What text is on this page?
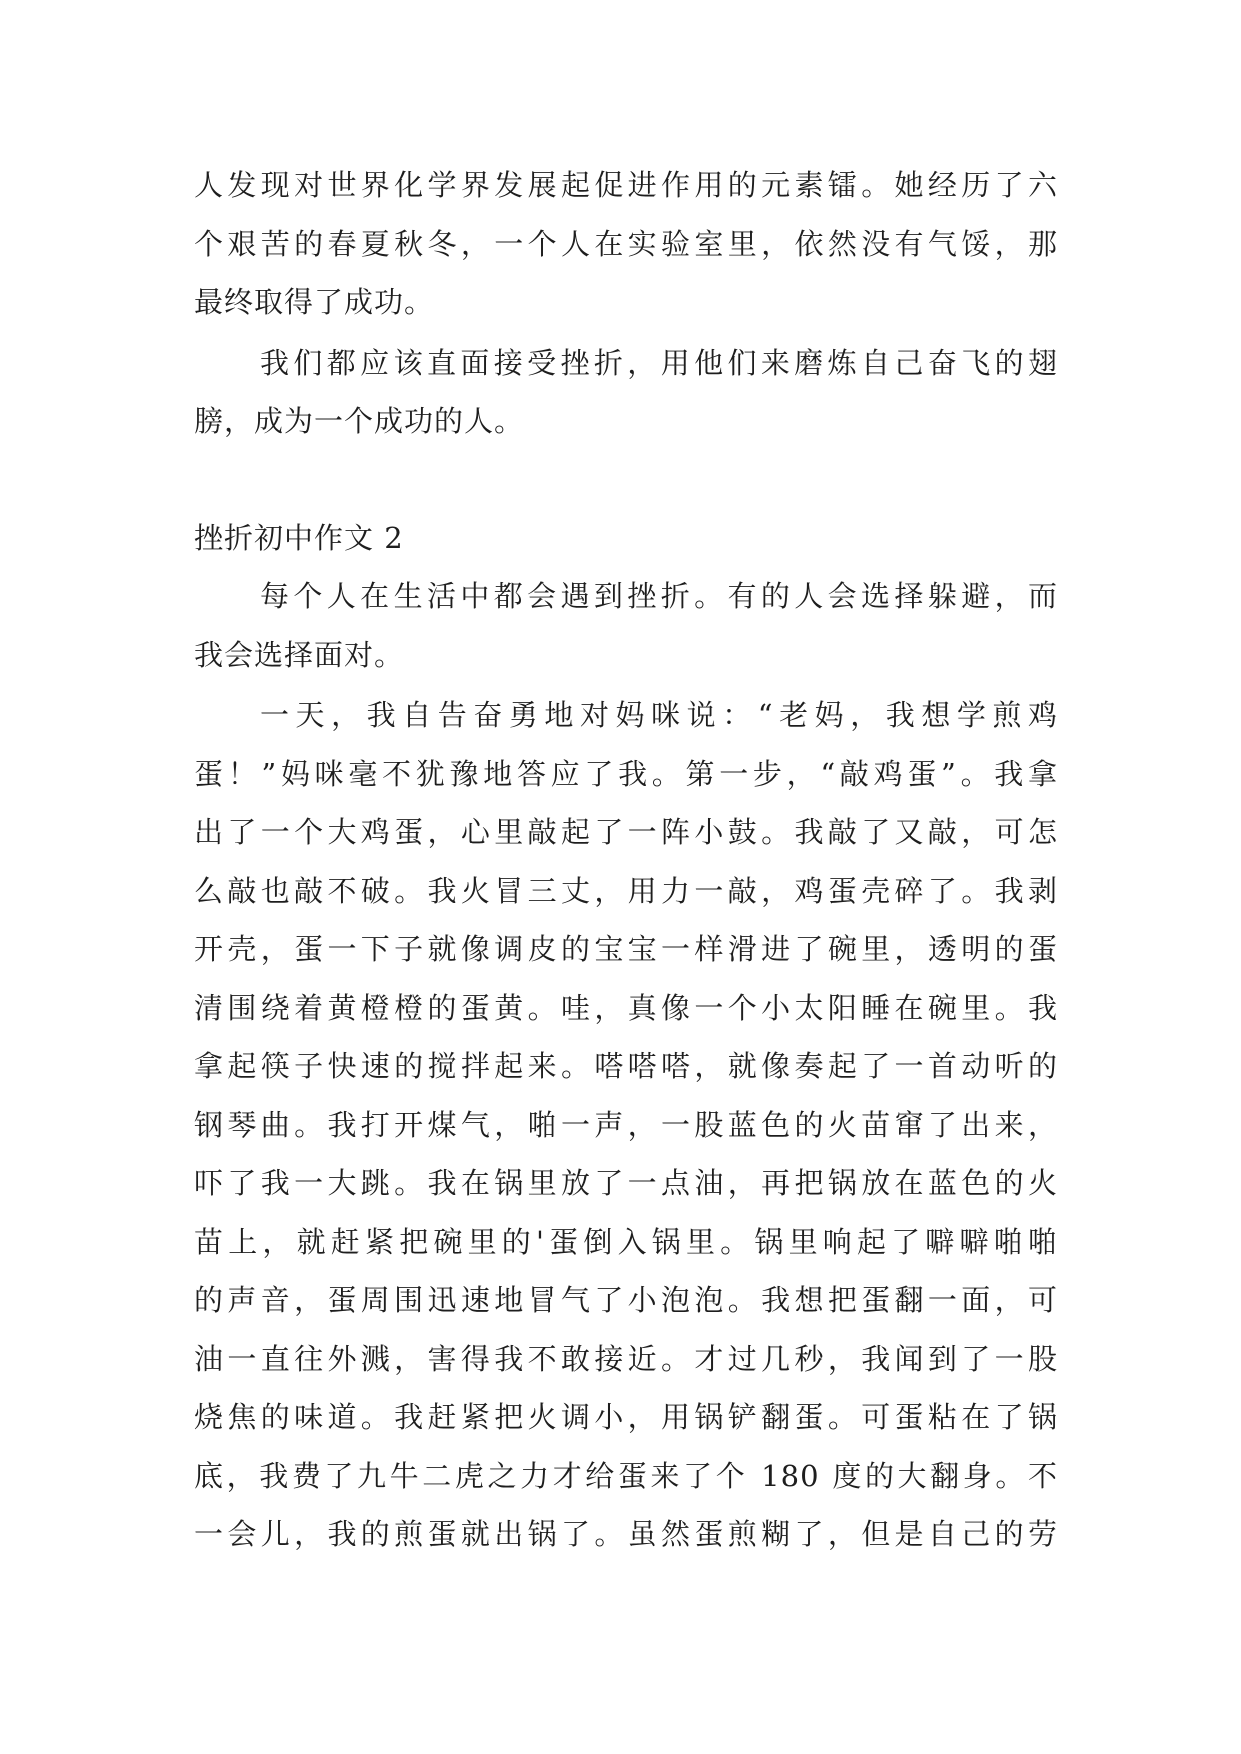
人发现对世界化学界发展起促进作用的元素镭。她经历了六
个艰苦的春夏秋冬，一个人在实验室里，依然没有气馁，那
最终取得了成功。
我们都应该直面接受挫折，用他们来磨炼自己奋飞的翅
膀，成为一个成功的人。
挫折初中作文 2
每个人在生活中都会遇到挫折。有的人会选择躲避，而
我会选择面对。
一天，我自告奋勇地对妈咪说：“老妈，我想学煎鸡
蛋！”妈咪毫不犹豫地答应了我。第一步，“敲鸡蛋”。我拿
出了一个大鸡蛋，心里敲起了一阵小鼓。我敲了又敲，可怎
么敲也敲不破。我火冒三丈，用力一敲，鸡蛋壳碎了。我剥
开壳，蛋一下子就像调皮的宝宝一样滑进了碗里，透明的蛋
清围绕着黄橙橙的蛋黄。哇，真像一个小太阳睡在碗里。我
拿起筷子快速的搅拌起来。嗒嗒嗒，就像奏起了一首动听的
钢琴曲。我打开煤气，啪一声，一股蓝色的火苗窜了出来，
吓了我一大跳。我在锅里放了一点油，再把锅放在蓝色的火
苗上，就赶紧把碗里的'蛋倒入锅里。锅里响起了噼噼啪啪
的声音，蛋周围迅速地冒气了小泡泡。我想把蛋翻一面，可
油一直往外溅，害得我不敢接近。才过几秒，我闻到了一股
烧焦的味道。我赶紧把火调小，用锅铲翻蛋。可蛋粘在了锅
底，我费了九牛二虎之力才给蛋来了个 180 度的大翻身。不
一会儿，我的煎蛋就出锅了。虽然蛋煎糊了，但是自己的劳
